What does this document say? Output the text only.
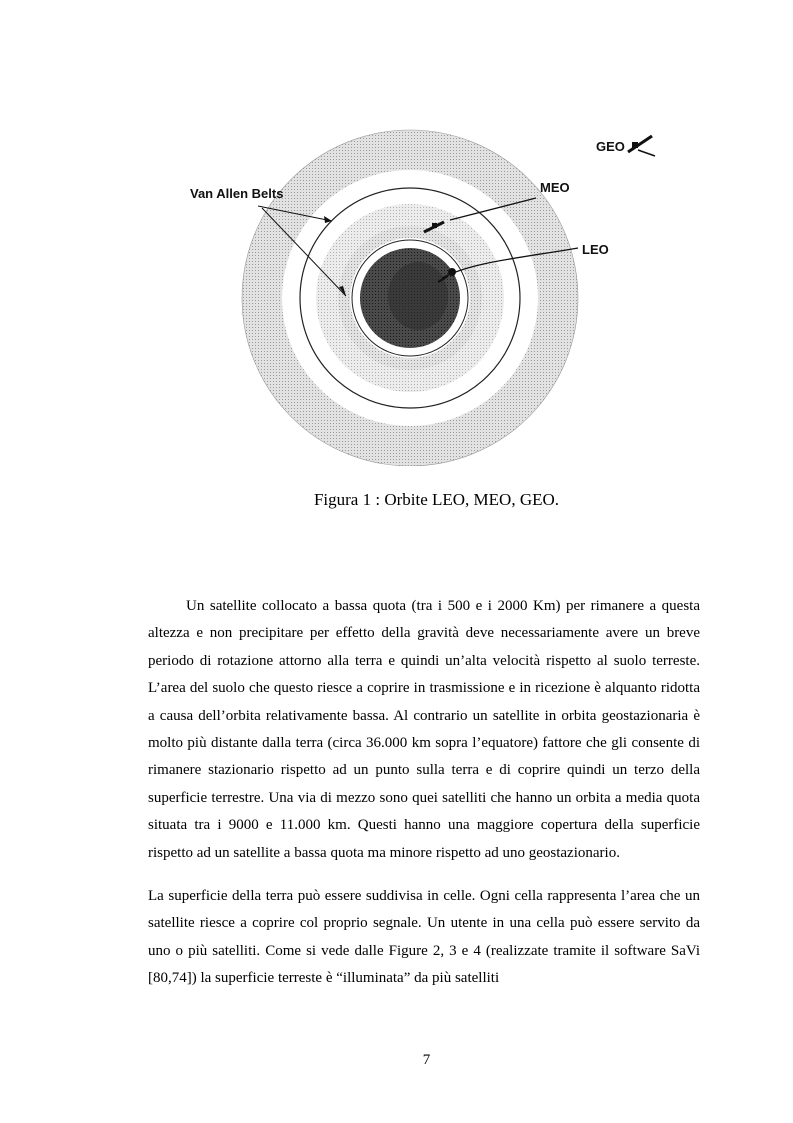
GEO
MEO
LEO
Van Allen Belts
Figura 1 : Orbite LEO, MEO, GEO.

Un satellite collocato a bassa quota (tra i 500 e i 2000 Km) per rimanere a questa altezza e non precipitare per effetto della gravità deve necessariamente avere un breve periodo di rotazione attorno alla terra e quindi un’alta velocità rispetto al suolo terreste. L’area del suolo che questo riesce a coprire in trasmissione e in ricezione è alquanto ridotta a causa dell’orbita relativamente bassa. Al contrario un satellite in orbita geostazionaria è molto più distante dalla terra (circa 36.000 km sopra l’equatore) fattore che gli consente di rimanere stazionario rispetto ad un punto sulla terra e di coprire quindi un terzo della superficie terrestre. Una via di mezzo sono quei satelliti che hanno un orbita a media quota situata tra i 9000 e 11.000 km. Questi hanno una maggiore copertura della superficie rispetto ad un satellite a bassa quota ma minore rispetto ad uno geostazionario.

La superficie della terra può essere suddivisa in celle. Ogni cella rappresenta l’area che un satellite riesce a coprire col proprio segnale. Un utente in una cella può essere servito da uno o più satelliti. Come si vede dalle Figure 2, 3 e 4 (realizzate tramite il software SaVi [80,74]) la superficie terreste è “illuminata” da più satelliti

7
